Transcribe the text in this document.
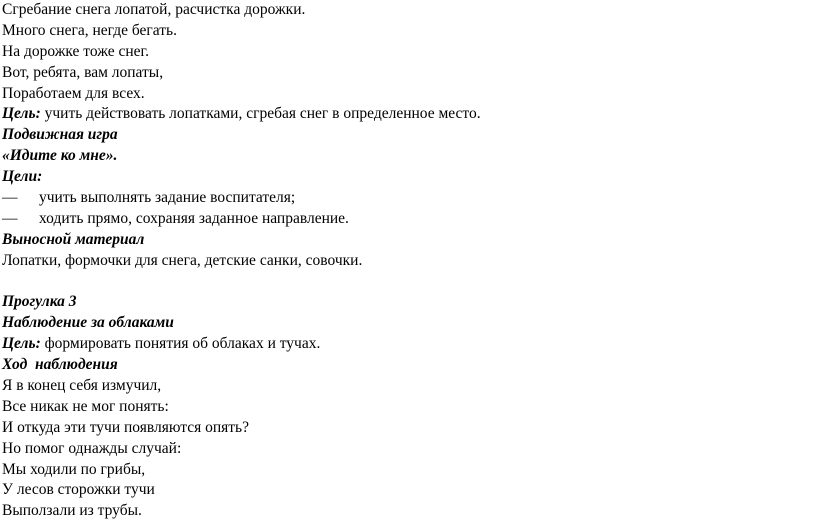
Сгребание снега лопатой, расчистка дорожки.
Много снега, негде бегать.
На дорожке тоже снег.
Вот, ребята, вам лопаты,
Поработаем для всех.
Цель: учить действовать лопатками, сгребая снег в определенное место.
Подвижная игра
«Идите ко мне».
Цели:
— учить выполнять задание воспитателя;
— ходить прямо, сохраняя заданное направление.
Выносной материал
Лопатки, формочки для снега, детские санки, совочки.
Прогулка 3
Наблюдение за облаками
Цель: формировать понятия об облаках и тучах.
Ход  наблюдения
Я в конец себя измучил,
Все никак не мог понять:
И откуда эти тучи появляются опять?
Но помог однажды случай:
Мы ходили по грибы,
У лесов сторожки тучи
Выползали из трубы.
